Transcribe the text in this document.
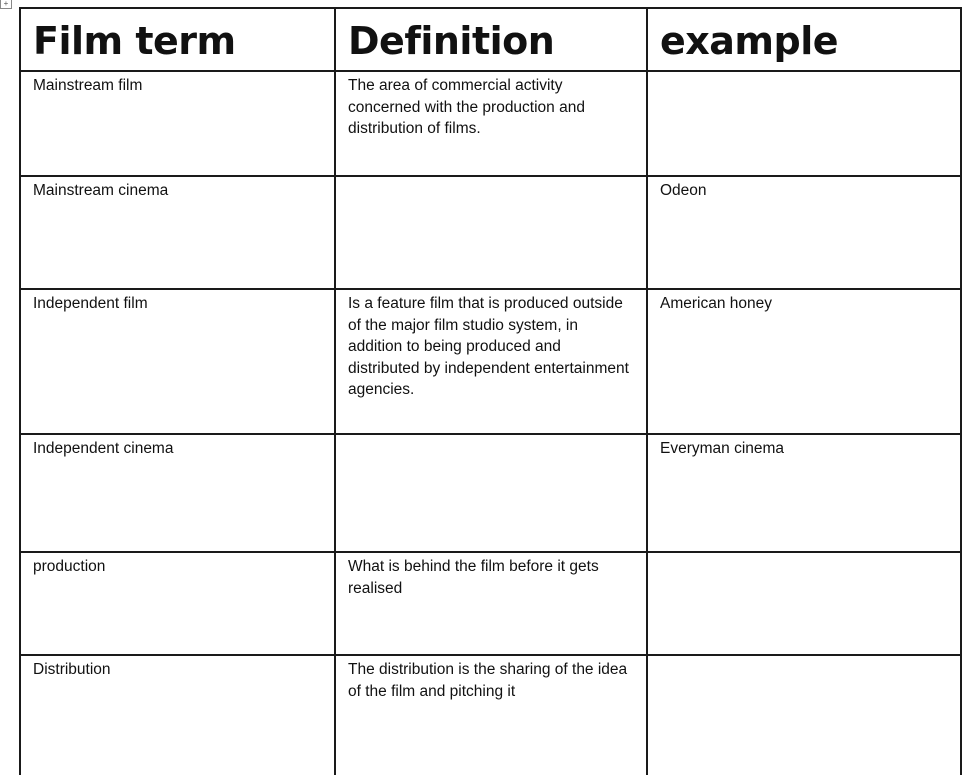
+
Film term	Definition	example
Mainstream film	The area of commercial activity concerned with the production and distribution of films.	
Mainstream cinema		Odeon
Independent film	Is a feature film that is produced outside of the major film studio system, in addition to being produced and distributed by independent entertainment agencies.	American honey
Independent cinema		Everyman cinema
production	What is behind the film before it gets realised	
Distribution	The distribution is the sharing of the idea of the film and pitching it	
